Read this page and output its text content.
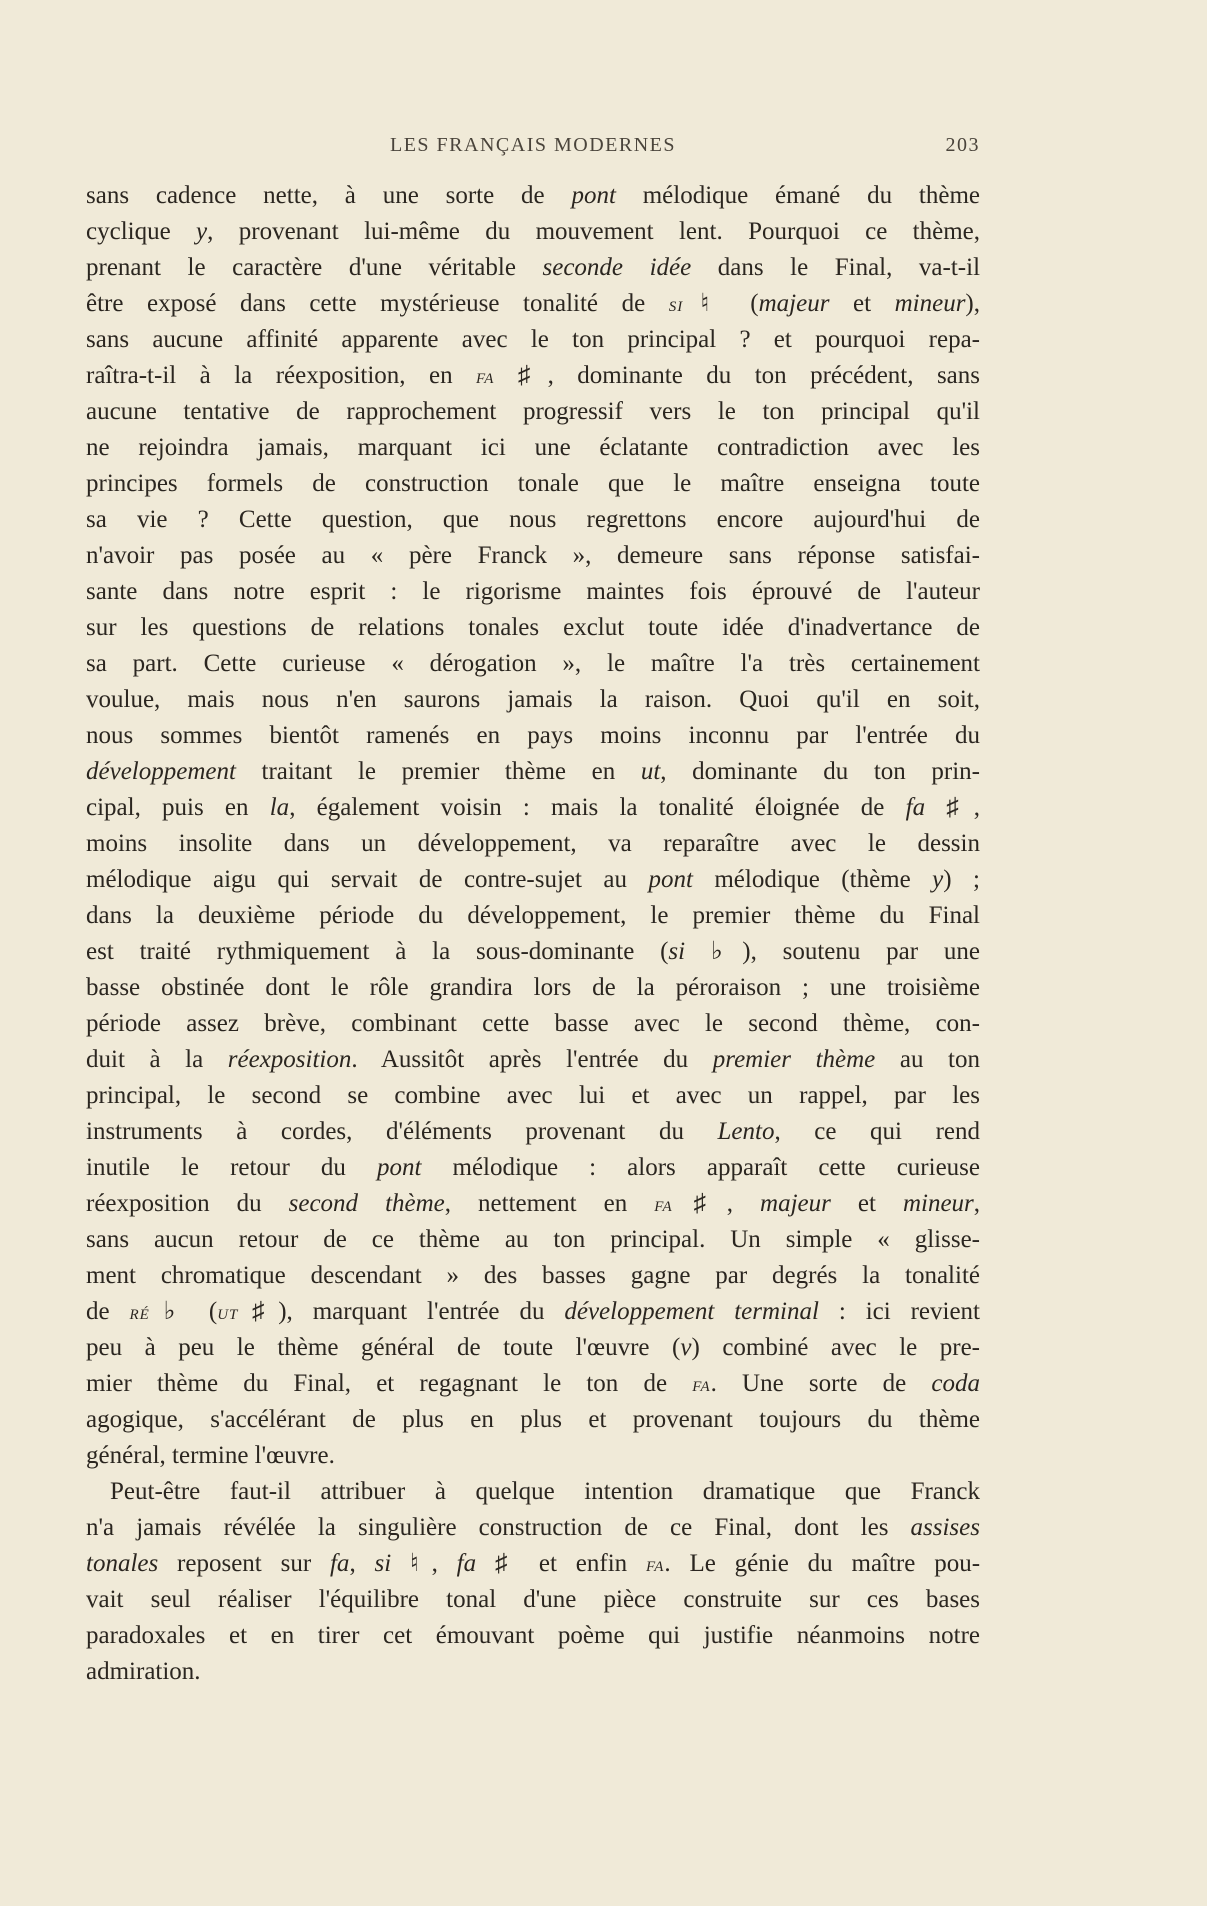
LES FRANÇAIS MODERNES	203
sans cadence nette, à une sorte de pont mélodique émané du thème
cyclique y, provenant lui-même du mouvement lent. Pourquoi ce thème,
prenant le caractère d'une véritable seconde idée dans le Final, va-t-il
être exposé dans cette mystérieuse tonalité de si♮ (majeur et mineur),
sans aucune affinité apparente avec le ton principal ? et pourquoi repa-
raîtra-t-il à la réexposition, en fa ♯, dominante du ton précédent, sans
aucune tentative de rapprochement progressif vers le ton principal qu'il
ne rejoindra jamais, marquant ici une éclatante contradiction avec les
principes formels de construction tonale que le maître enseigna toute
sa vie ? Cette question, que nous regrettons encore aujourd'hui de
n'avoir pas posée au « père Franck », demeure sans réponse satisfai-
sante dans notre esprit : le rigorisme maintes fois éprouvé de l'auteur
sur les questions de relations tonales exclut toute idée d'inadvertance de
sa part. Cette curieuse « dérogation », le maître l'a très certainement
voulue, mais nous n'en saurons jamais la raison. Quoi qu'il en soit,
nous sommes bientôt ramenés en pays moins inconnu par l'entrée du
développement traitant le premier thème en ut, dominante du ton prin-
cipal, puis en la, également voisin : mais la tonalité éloignée de fa ♯,
moins insolite dans un développement, va reparaître avec le dessin
mélodique aigu qui servait de contre-sujet au pont mélodique (thème y) ;
dans la deuxième période du développement, le premier thème du Final
est traité rythmiquement à la sous-dominante (si ♭), soutenu par une
basse obstinée dont le rôle grandira lors de la péroraison ; une troisième
période assez brève, combinant cette basse avec le second thème, con-
duit à la réexposition. Aussitôt après l'entrée du premier thème au ton
principal, le second se combine avec lui et avec un rappel, par les
instruments à cordes, d'éléments provenant du Lento, ce qui rend
inutile le retour du pont mélodique : alors apparaît cette curieuse
réexposition du second thème, nettement en fa♯, majeur et mineur,
sans aucun retour de ce thème au ton principal. Un simple « glisse-
ment chromatique descendant » des basses gagne par degrés la tonalité
de ré♭ (ut♯), marquant l'entrée du développement terminal : ici revient
peu à peu le thème général de toute l'œuvre (v) combiné avec le pre-
mier thème du Final, et regagnant le ton de fa. Une sorte de coda
agogique, s'accélérant de plus en plus et provenant toujours du thème
général, termine l'œuvre.
Peut-être faut-il attribuer à quelque intention dramatique que Franck
n'a jamais révélée la singulière construction de ce Final, dont les assises
tonales reposent sur fa, si ♮, fa ♯ et enfin fa. Le génie du maître pou-
vait seul réaliser l'équilibre tonal d'une pièce construite sur ces bases
paradoxales et en tirer cet émouvant poème qui justifie néanmoins notre
admiration.
